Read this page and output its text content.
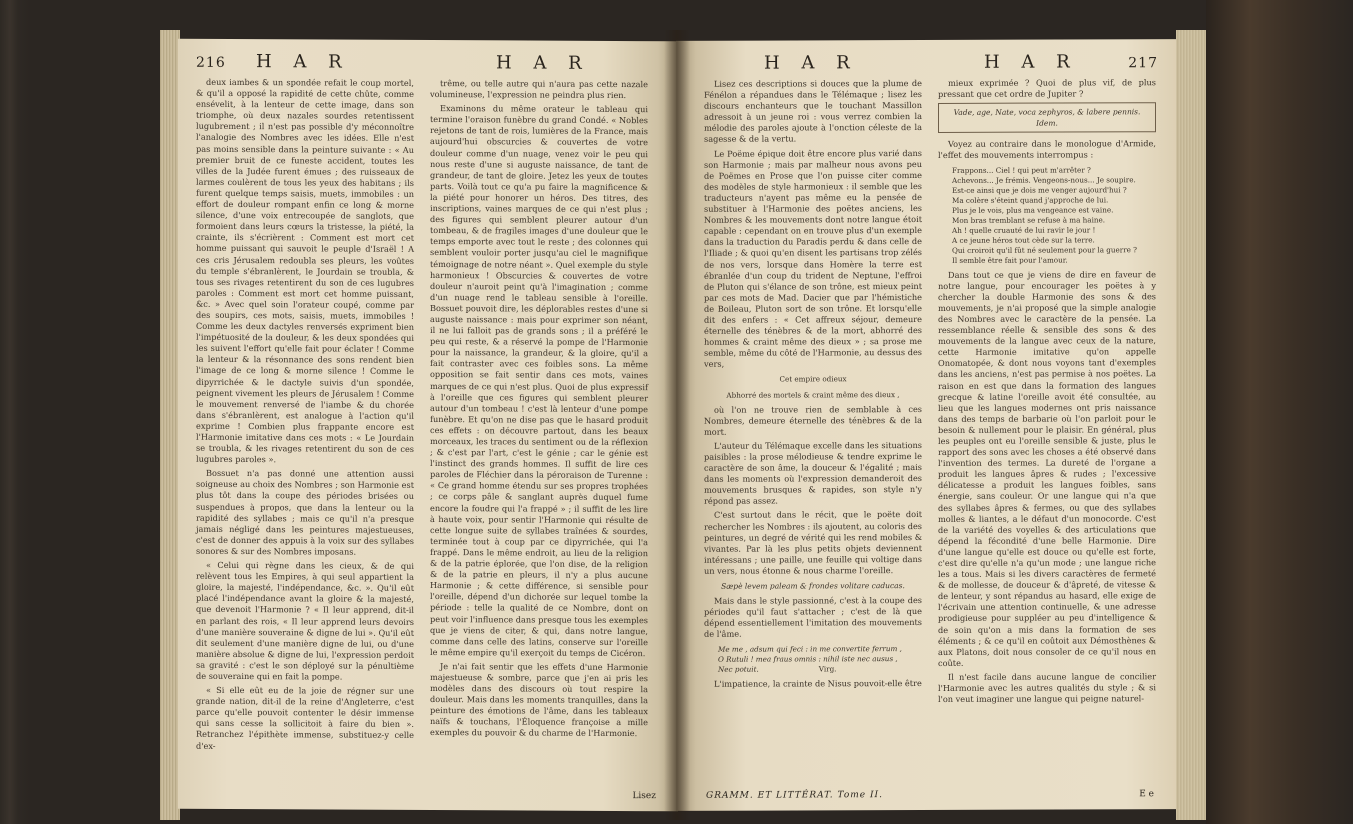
216 H A R	H A R

deux iambes & un spondée refait le coup mortel, & qu'il a opposé la rapidité de cette chûte, comme ensévelit, à la lenteur de cette image, dans son triomphe, où deux nazales sourdes retentissent lugubrement ; il n'est pas possible d'y méconnoître l'analogie des Nombres avec les idées. Elle n'est pas moins sensible dans la peinture suivante : « Au premier bruit de ce funeste accident, toutes les villes de la Judée furent émues ; des ruisseaux de larmes coulèrent de tous les yeux des habitans ; ils furent quelque temps saisis, muets, immobiles : un effort de douleur rompant enfin ce long & morne silence, d'une voix entrecoupée de sanglots, que formoient dans leurs cœurs la tristesse, la piété, la crainte, ils s'écrièrent : Comment est mort cet homme puissant qui sauvoit le peuple d'Israël ! A ces cris Jérusalem redoubla ses pleurs, les voûtes du temple s'ébranlèrent, le Jourdain se troubla, & tous ses rivages retentirent du son de ces lugubres paroles : Comment est mort cet homme puissant, &c. » Avec quel soin l'orateur coupé, comme par des soupirs, ces mots, saisis, muets, immobiles ! Comme les deux dactyles renversés expriment bien l'impétuosité de la douleur, & les deux spondées qui les suivent l'effort qu'elle fait pour éclater ! Comme la lenteur & la résonnance des sons rendent bien l'image de ce long & morne silence ! Comme le dipyrrichée & le dactyle suivis d'un spondée, peignent vivement les pleurs de Jérusalem ! Comme le mouvement renversé de l'iambe & du chorée dans s'ébranlèrent, est analogue à l'action qu'il exprime ! Combien plus frappante encore est l'Harmonie imitative dans ces mots : « Le Jourdain se troubla, & les rivages retentirent du son de ces lugubres paroles ».

Bossuet n'a pas donné une attention aussi soigneuse au choix des Nombres ; son Harmonie est plus tôt dans la coupe des périodes brisées ou suspendues à propos, que dans la lenteur ou la rapidité des syllabes ; mais ce qu'il n'a presque jamais négligé dans les peintures majestueuses, c'est de donner des appuis à la voix sur des syllabes sonores & sur des Nombres imposans.

« Celui qui règne dans les cieux, & de qui relèvent tous les Empires, à qui seul appartient la gloire, la majesté, l'indépendance, &c. ». Qu'il eût placé l'indépendance avant la gloire & la majesté, que devenoit l'Harmonie ? « Il leur apprend, dit-il en parlant des rois, « Il leur apprend leurs devoirs d'une manière souveraine & digne de lui ». Qu'il eût dit seulement d'une manière digne de lui, ou d'une manière absolue & digne de lui, l'expression perdoit sa gravité : c'est le son déployé sur la pénultième de souveraine qui en fait la pompe.

« Si elle eût eu de la joie de régner sur une grande nation, dit-il de la reine d'Angleterre, c'est parce qu'elle pouvoit contenter le désir immense qui sans cesse la sollicitoit à faire du bien ». Retranchez l'épithète immense, substituez-y celle d'ex-

trême, ou telle autre qui n'aura pas cette nazale volumineuse, l'expression ne peindra plus rien.

Examinons du même orateur le tableau qui termine l'oraison funèbre du grand Condé. « Nobles rejetons de tant de rois, lumières de la France, mais aujourd'hui obscurcies & couvertes de votre douleur comme d'un nuage, venez voir le peu qui nous reste d'une si auguste naissance, de tant de grandeur, de tant de gloire. Jetez les yeux de toutes parts. Voilà tout ce qu'a pu faire la magnificence & la piété pour honorer un héros. Des titres, des inscriptions, vaines marques de ce qui n'est plus ; des figures qui semblent pleurer autour d'un tombeau, & de fragiles images d'une douleur que le temps emporte avec tout le reste ; des colonnes qui semblent vouloir porter jusqu'au ciel le magnifique témoignage de notre néant ». Quel exemple du style harmonieux ! Obscurcies & couvertes de votre douleur n'auroit peint qu'à l'imagination ; comme d'un nuage rend le tableau sensible à l'oreille. Bossuet pouvoit dire, les déplorables restes d'une si auguste naissance : mais pour exprimer son néant, il ne lui falloit pas de grands sons ; il a préféré le peu qui reste, & a réservé la pompe de l'Harmonie pour la naissance, la grandeur, & la gloire, qu'il a fait contraster avec ces foibles sons. La même opposition se fait sentir dans ces mots, vaines marques de ce qui n'est plus. Quoi de plus expressif à l'oreille que ces figures qui semblent pleurer autour d'un tombeau ! c'est là lenteur d'une pompe funèbre. Et qu'on ne dise pas que le hasard produit ces effets : on découvre partout, dans les beaux morceaux, les traces du sentiment ou de la réflexion ; & c'est par l'art, c'est le génie ; car le génie est l'instinct des grands hommes. Il suffit de lire ces paroles de Fléchier dans la péroraison de Turenne : « Ce grand homme étendu sur ses propres trophées ; ce corps pâle & sanglant auprès duquel fume encore la foudre qui l'a frappé » ; il suffit de les lire à haute voix, pour sentir l'Harmonie qui résulte de cette longue suite de syllabes traînées & sourdes, terminée tout à coup par ce dipyrrichée, qui l'a frappé. Dans le même endroit, au lieu de la religion & de la patrie éplorée, que l'on dise, de la religion & de la patrie en pleurs, il n'y a plus aucune Harmonie ; & cette différence, si sensible pour l'oreille, dépend d'un dichorée sur lequel tombe la période : telle la qualité de ce Nombre, dont on peut voir l'influence dans presque tous les exemples que je viens de citer, & qui, dans notre langue, comme dans celle des latins, conserve sur l'oreille le même empire qu'il exerçoit du temps de Cicéron.

Je n'ai fait sentir que les effets d'une Harmonie majestueuse & sombre, parce que j'en ai pris les modèles dans des discours où tout respire la douleur. Mais dans les moments tranquilles, dans la peinture des émotions de l'âme, dans les tableaux naïfs & touchans, l'Éloquence françoise a mille exemples du pouvoir & du charme de l'Harmonie.

Lisez
H A R	H A R	217

Lisez ces descriptions si douces que la plume de Fénélon a répandues dans le Télémaque ; lisez les discours enchanteurs que le touchant Massillon adressoit à un jeune roi : vous verrez combien la mélodie des paroles ajoute à l'onction céleste de la sagesse & de la vertu.

Le Poëme épique doit être encore plus varié dans son Harmonie ; mais par malheur nous avons peu de Poëmes en Prose que l'on puisse citer comme des modèles de style harmonieux : il semble que les traducteurs n'ayent pas même eu la pensée de substituer à l'Harmonie des poëtes anciens, les Nombres & les mouvements dont notre langue étoit capable : cependant on en trouve plus d'un exemple dans la traduction du Paradis perdu & dans celle de l'Iliade ; & quoi qu'en disent les partisans trop zélés de nos vers, lorsque dans Homère la terre est ébranlée d'un coup du trident de Neptune, l'effroi de Pluton qui s'élance de son trône, est mieux peint par ces mots de Mad. Dacier que par l'hémistiche de Boileau, Pluton sort de son trône. Et lorsqu'elle dit des enfers : « Cet affreux séjour, demeure éternelle des ténèbres & de la mort, abhorré des hommes & craint même des dieux » ; sa prose me semble, même du côté de l'Harmonie, au dessus des vers,

Cet empire odieux
Abhorré des mortels & craint même des dieux ,

où l'on ne trouve rien de semblable à ces Nombres, demeure éternelle des ténèbres & de la mort.

L'auteur du Télémaque excelle dans les situations paisibles : la prose mélodieuse & tendre exprime le caractère de son âme, la douceur & l'égalité ; mais dans les moments où l'expression demanderoit des mouvements brusques & rapides, son style n'y répond pas assez.

C'est surtout dans le récit, que le poëte doit rechercher les Nombres : ils ajoutent, au coloris des peintures, un degré de vérité qui les rend mobiles & vivantes. Par là les plus petits objets deviennent intéressans ; une paille, une feuille qui voltige dans un vers, nous étonne & nous charme l'oreille.

Sæpè levem paleam & frondes volitare caducas.

Mais dans le style passionné, c'est à la coupe des périodes qu'il faut s'attacher ; c'est de là que dépend essentiellement l'imitation des mouvements de l'âme.

Me me , adsum qui feci : in me convertite ferrum ,
O Rutuli ! mea fraus omnis : nihil iste nec ausus ,
Nec potuit.	Virg.

L'impatience, la crainte de Nisus pouvoit-elle être

mieux exprimée ? Quoi de plus vif, de plus pressant que cet ordre de Jupiter ?

Vade, age, Nate, voca zephyros, & labere pennis. Idem.

Voyez au contraire dans le monologue d'Armide, l'effet des mouvements interrompus :

Frappons... Ciel ! qui peut m'arrêter ?
Achevons... Je frémis. Vengeons-nous... Je soupire.
Est-ce ainsi que je dois me venger aujourd'hui ?
Ma colère s'éteint quand j'approche de lui.
Plus je le vois, plus ma vengeance est vaine.
Mon bras tremblant se refuse à ma haine.
Ah ! quelle cruauté de lui ravir le jour !
A ce jeune héros tout cède sur la terre.
Qui croiroit qu'il fût né seulement pour la guerre ?
Il semble être fait pour l'amour.

Dans tout ce que je viens de dire en faveur de notre langue, pour encourager les poëtes à y chercher la double Harmonie des sons & des mouvements, je n'ai proposé que la simple analogie des Nombres avec le caractère de la pensée. La ressemblance réelle & sensible des sons & des mouvements de la langue avec ceux de la nature, cette Harmonie imitative qu'on appelle Onomatopée, & dont nous voyons tant d'exemples dans les anciens, n'est pas permise à nos poëtes. La raison en est que dans la formation des langues grecque & latine l'oreille avoit été consultée, au lieu que les langues modernes ont pris naissance dans des temps de barbarie où l'on parloit pour le besoin & nullement pour le plaisir. En général, plus les peuples ont eu l'oreille sensible & juste, plus le rapport des sons avec les choses a été observé dans l'invention des termes. La dureté de l'organe a produit les langues âpres & rudes ; l'excessive délicatesse a produit les langues foibles, sans énergie, sans couleur. Or une langue qui n'a que des syllabes âpres & fermes, ou que des syllabes molles & liantes, a le défaut d'un monocorde. C'est de la variété des voyelles & des articulations que dépend la fécondité d'une belle Harmonie. Dire d'une langue qu'elle est douce ou qu'elle est forte, c'est dire qu'elle n'a qu'un mode ; une langue riche les a tous. Mais si les divers caractères de fermeté & de mollesse, de douceur & d'âpreté, de vitesse & de lenteur, y sont répandus au hasard, elle exige de l'écrivain une attention continuelle, & une adresse prodigieuse pour suppléer au peu d'intelligence & de soin qu'on a mis dans la formation de ses éléments ; & ce qu'il en coûtoit aux Démosthènes & aux Platons, doit nous consoler de ce qu'il nous en coûte.

Il n'est facile dans aucune langue de concilier l'Harmonie avec les autres qualités du style ; & si l'on veut imaginer une langue qui peigne naturel-

GRAMM. ET LITTÉRAT. Tome II.	E e
